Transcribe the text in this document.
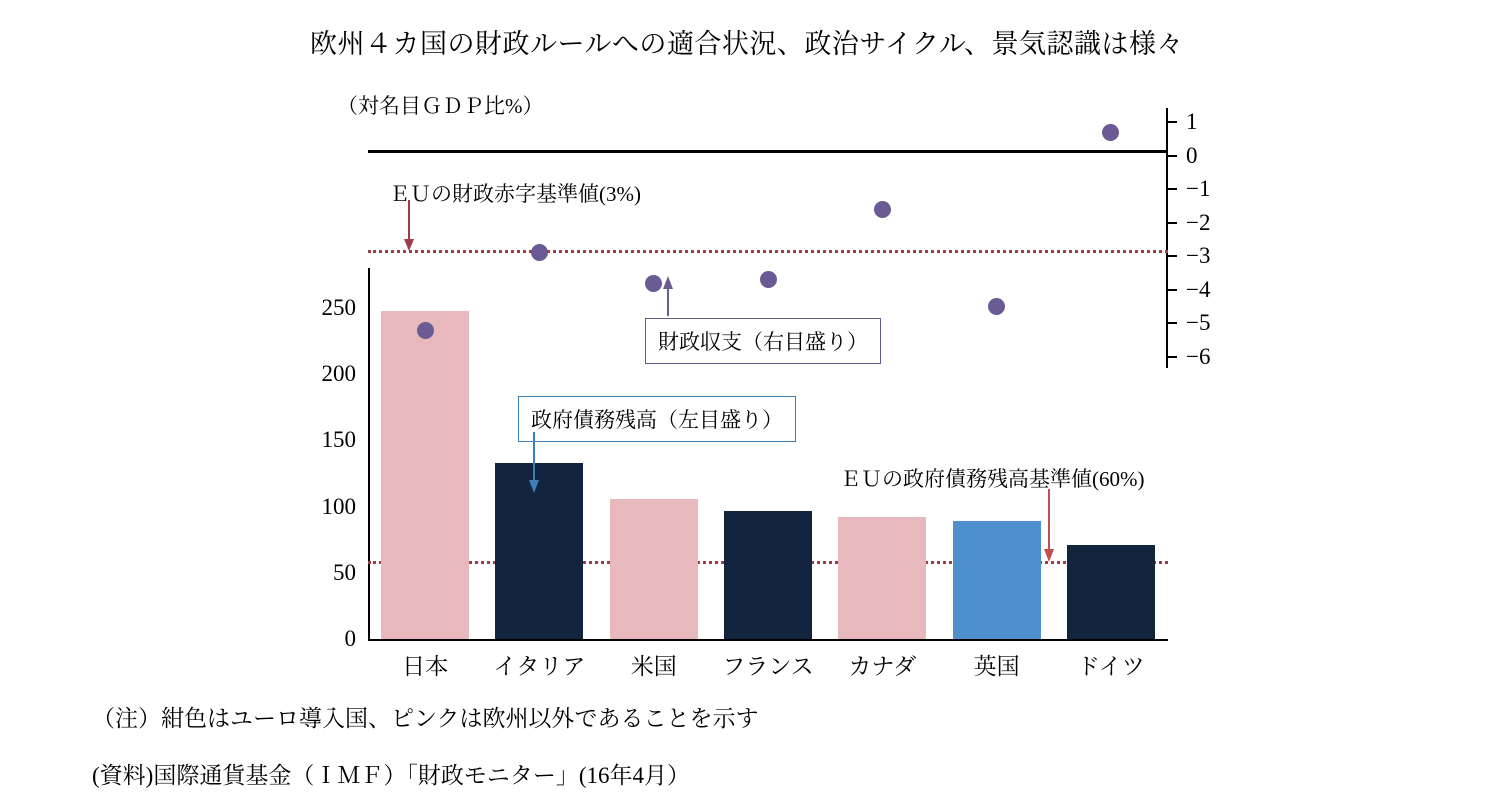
欧州４カ国の財政ルールへの適合状況、政治サイクル、景気認識は様々
（対名目ＧＤＰ比%）
0
50
100
150
200
250
1
0
−1
−2
−3
−4
−5
−6
日本	イタリア	米国	フランス	カナダ	英国	ドイツ
ＥＵの財政赤字基準値(3%)
財政収支（右目盛り）
政府債務残高（左目盛り）
ＥＵの政府債務残高基準値(60%)
（注）紺色はユーロ導入国、ピンクは欧州以外であることを示す
(資料)国際通貨基金（ＩＭＦ）「財政モニター」(16年4月）
